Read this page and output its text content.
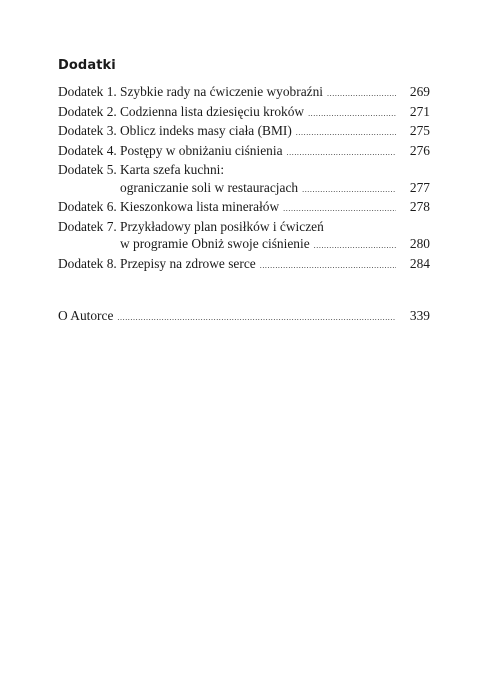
Dodatki
Dodatek 1. Szybkie rady na ćwiczenie wyobraźni .....	269
Dodatek 2. Codzienna lista dziesięciu kroków .....	271
Dodatek 3. Oblicz indeks masy ciała (BMI) .....	275
Dodatek 4. Postępy w obniżaniu ciśnienia .....	276
Dodatek 5. Karta szefa kuchni:
ograniczanie soli w restauracjach .....	277
Dodatek 6. Kieszonkowa lista minerałów .....	278
Dodatek 7. Przykładowy plan posiłków i ćwiczeń
w programie Obniż swoje ciśnienie .....	280
Dodatek 8. Przepisy na zdrowe serce .....	284
O Autorce .....	339
